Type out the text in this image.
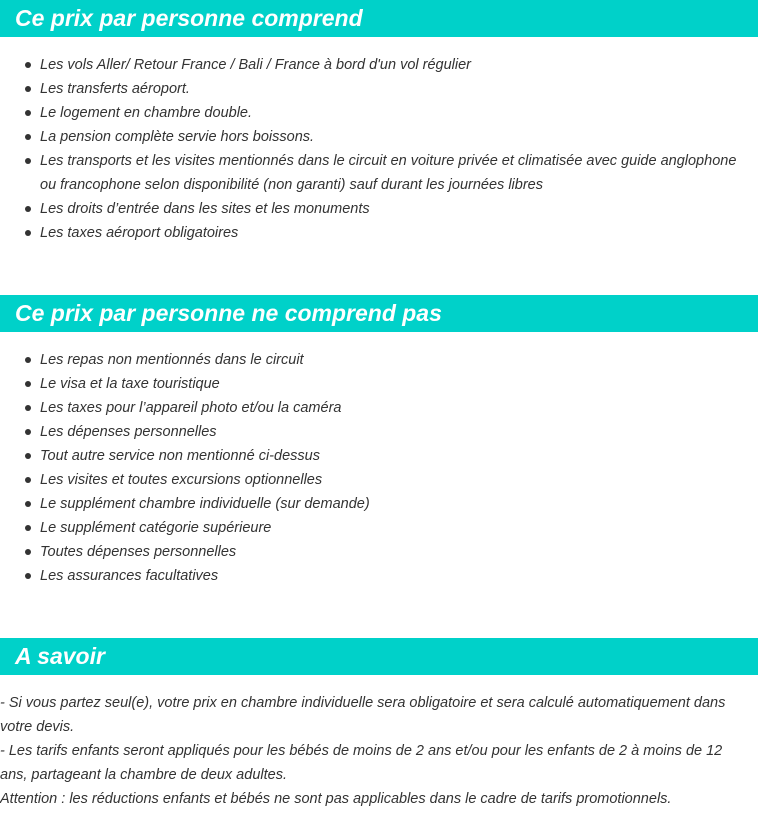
Ce prix par personne comprend
Les vols Aller/ Retour France / Bali / France à bord d'un vol régulier
Les transferts aéroport.
Le logement en chambre double.
La pension complète servie hors boissons.
Les transports et les visites mentionnés dans le circuit en voiture privée et climatisée avec guide anglophone ou francophone selon disponibilité (non garanti) sauf durant les journées libres
Les droits d’entrée dans les sites et les monuments
Les taxes aéroport obligatoires
Ce prix par personne ne comprend pas
Les repas non mentionnés dans le circuit
Le visa et la taxe touristique
Les taxes pour l’appareil photo et/ou la caméra
Les dépenses personnelles
Tout autre service non mentionné ci-dessus
Les visites et toutes excursions optionnelles
Le supplément chambre individuelle (sur demande)
Le supplément catégorie supérieure
Toutes dépenses personnelles
Les assurances facultatives
A savoir

- Si vous partez seul(e), votre prix en chambre individuelle sera obligatoire et sera calculé automatiquement dans votre devis.

- Les tarifs enfants seront appliqués pour les bébés de moins de 2 ans et/ou pour les enfants de 2 à moins de 12 ans, partageant la chambre de deux adultes.

Attention : les réductions enfants et bébés ne sont pas applicables dans le cadre de tarifs promotionnels.
